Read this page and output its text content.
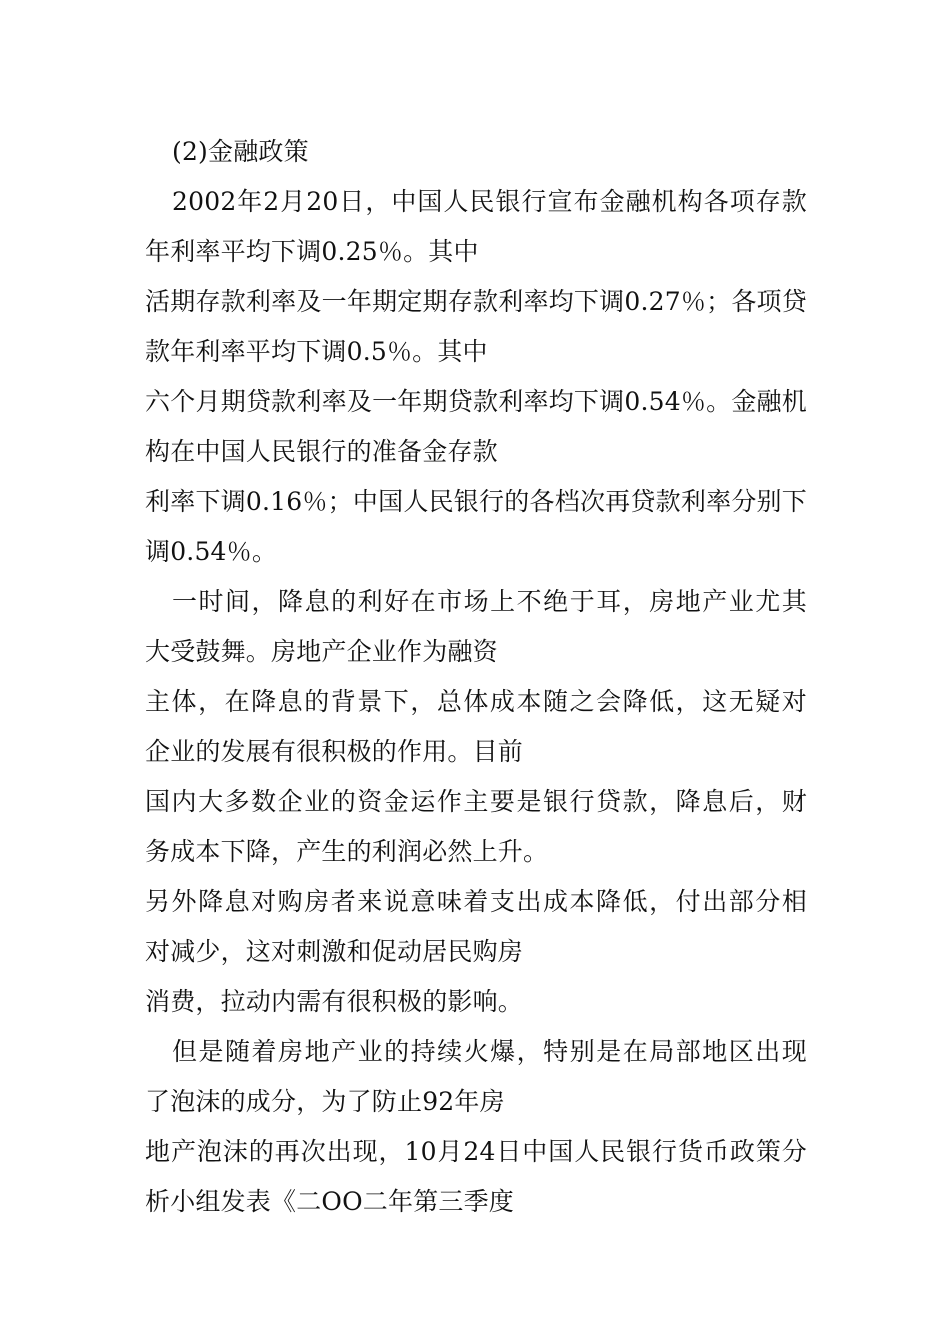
(2)金融政策
2002年2月20日，中国人民银行宣布金融机构各项存款
年利率平均下调0.25％。其中
活期存款利率及一年期定期存款利率均下调0.27％；各项贷
款年利率平均下调0.5％。其中
六个月期贷款利率及一年期贷款利率均下调0.54％。金融机
构在中国人民银行的准备金存款
利率下调0.16％；中国人民银行的各档次再贷款利率分别下
调0.54％。
一时间，降息的利好在市场上不绝于耳，房地产业尤其
大受鼓舞。房地产企业作为融资
主体，在降息的背景下，总体成本随之会降低，这无疑对
企业的发展有很积极的作用。目前
国内大多数企业的资金运作主要是银行贷款，降息后，财
务成本下降，产生的利润必然上升。
另外降息对购房者来说意味着支出成本降低，付出部分相
对减少，这对刺激和促动居民购房
消费，拉动内需有很积极的影响。
但是随着房地产业的持续火爆，特别是在局部地区出现
了泡沫的成分，为了防止92年房
地产泡沫的再次出现，10月24日中国人民银行货币政策分
析小组发表《二OO二年第三季度
